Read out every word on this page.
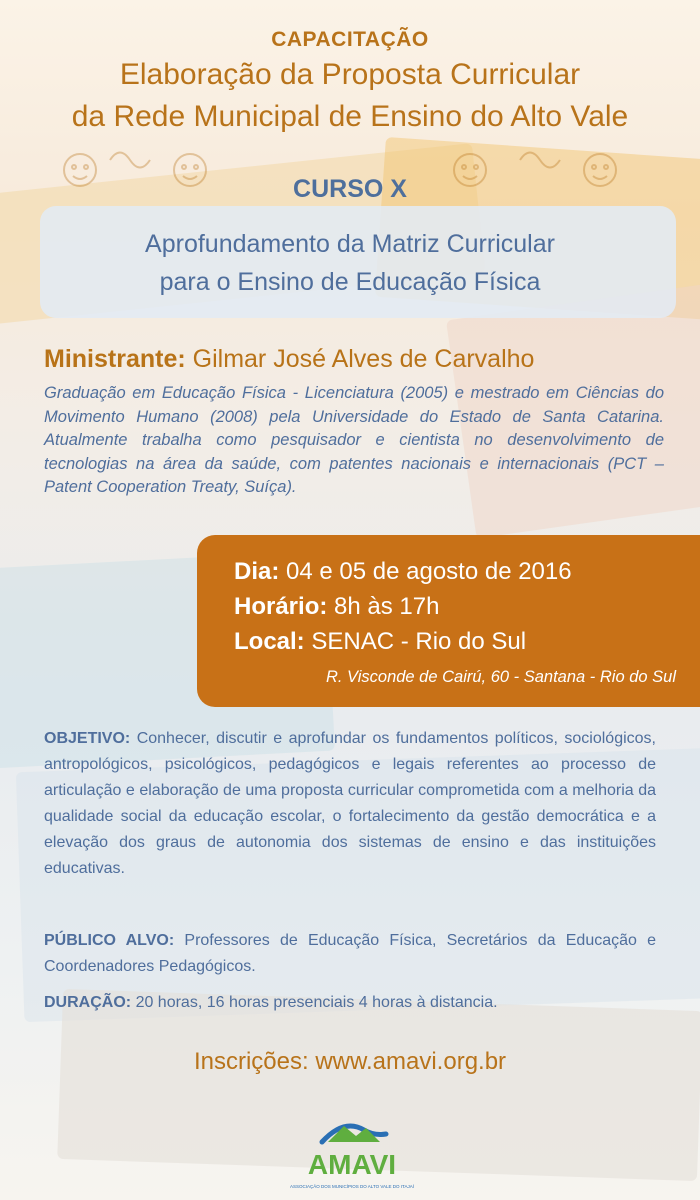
CAPACITAÇÃO
Elaboração da Proposta Curricular
da Rede Municipal de Ensino do Alto Vale
CURSO X
Aprofundamento da Matriz Curricular
para o Ensino de Educação Física
Ministrante: Gilmar José Alves de Carvalho
Graduação em Educação Física - Licenciatura (2005) e mestrado em Ciências do Movimento Humano (2008) pela Universidade do Estado de Santa Catarina. Atualmente trabalha como pesquisador e cientista no desenvolvimento de tecnologias na área da saúde, com patentes nacionais e internacionais (PCT – Patent Cooperation Treaty, Suíça).
Dia: 04 e 05 de agosto de 2016
Horário: 8h às 17h
Local: SENAC - Rio do Sul
R. Visconde de Cairú, 60 - Santana - Rio do Sul
OBJETIVO: Conhecer, discutir e aprofundar os fundamentos políticos, sociológicos, antropológicos, psicológicos, pedagógicos e legais referentes ao processo de articulação e elaboração de uma proposta curricular comprometida com a melhoria da qualidade social da educação escolar, o fortalecimento da gestão democrática e a elevação dos graus de autonomia dos sistemas de ensino e das instituições educativas.
PÚBLICO ALVO: Professores de Educação Física, Secretários da Educação e Coordenadores Pedagógicos.
DURAÇÃO: 20 horas, 16 horas presenciais 4 horas à distancia.
Inscrições: www.amavi.org.br
AMAVI
ASSOCIAÇÃO DOS MUNICÍPIOS DO ALTO VALE DO ITAJAÍ
